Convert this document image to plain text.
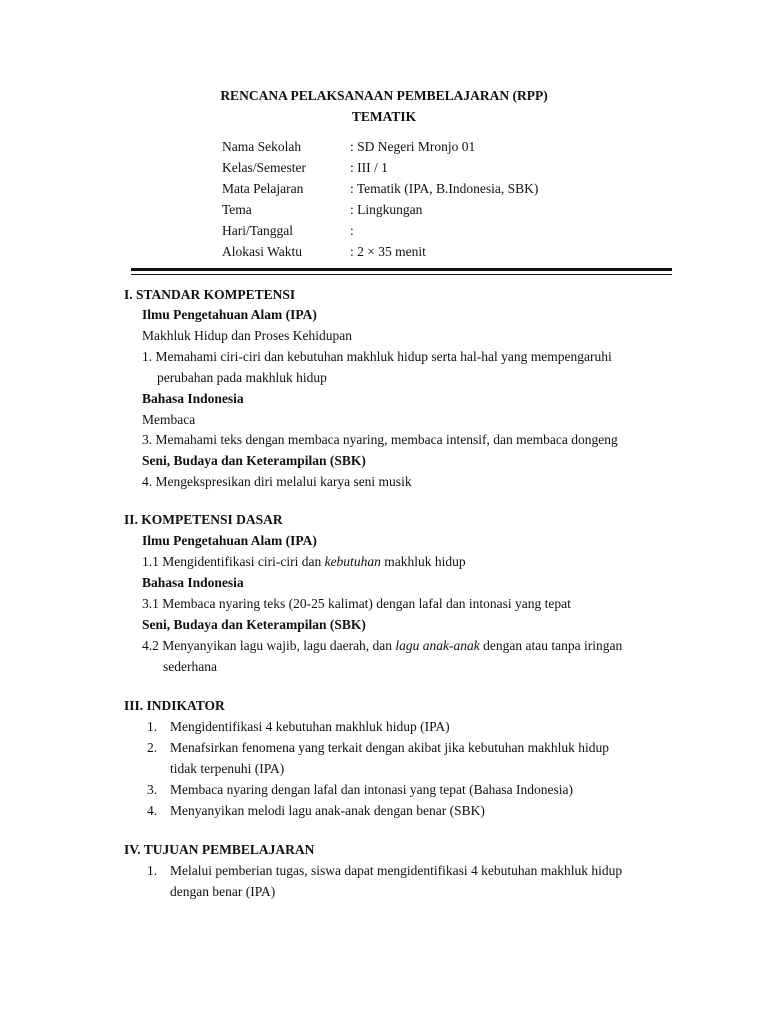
RENCANA PELAKSANAAN PEMBELAJARAN (RPP)
TEMATIK
Nama Sekolah	: SD Negeri Mronjo 01
Kelas/Semester	: III / 1
Mata Pelajaran	: Tematik (IPA, B.Indonesia, SBK)
Tema	: Lingkungan
Hari/Tanggal	:
Alokasi Waktu	: 2 × 35 menit
I. STANDAR KOMPETENSI
Ilmu Pengetahuan Alam (IPA)
Makhluk Hidup dan Proses Kehidupan
1. Memahami ciri-ciri dan kebutuhan makhluk hidup serta hal-hal yang mempengaruhi
perubahan pada makhluk hidup
Bahasa Indonesia
Membaca
3. Memahami teks dengan membaca nyaring, membaca intensif, dan membaca dongeng
Seni, Budaya dan Keterampilan (SBK)
4. Mengekspresikan diri melalui karya seni musik
II. KOMPETENSI DASAR
Ilmu Pengetahuan Alam (IPA)
1.1 Mengidentifikasi ciri-ciri dan kebutuhan makhluk hidup
Bahasa Indonesia
3.1 Membaca nyaring teks (20-25 kalimat) dengan lafal dan intonasi yang tepat
Seni, Budaya dan Keterampilan (SBK)
4.2 Menyanyikan lagu wajib, lagu daerah, dan lagu anak-anak dengan atau tanpa iringan
sederhana
III. INDIKATOR
1. Mengidentifikasi 4 kebutuhan makhluk hidup (IPA)
2. Menafsirkan fenomena yang terkait dengan akibat jika kebutuhan makhluk hidup
tidak terpenuhi (IPA)
3. Membaca nyaring dengan lafal dan intonasi yang tepat (Bahasa Indonesia)
4. Menyanyikan melodi lagu anak-anak dengan benar (SBK)
IV. TUJUAN PEMBELAJARAN
1. Melalui pemberian tugas, siswa dapat mengidentifikasi 4 kebutuhan makhluk hidup
dengan benar (IPA)
